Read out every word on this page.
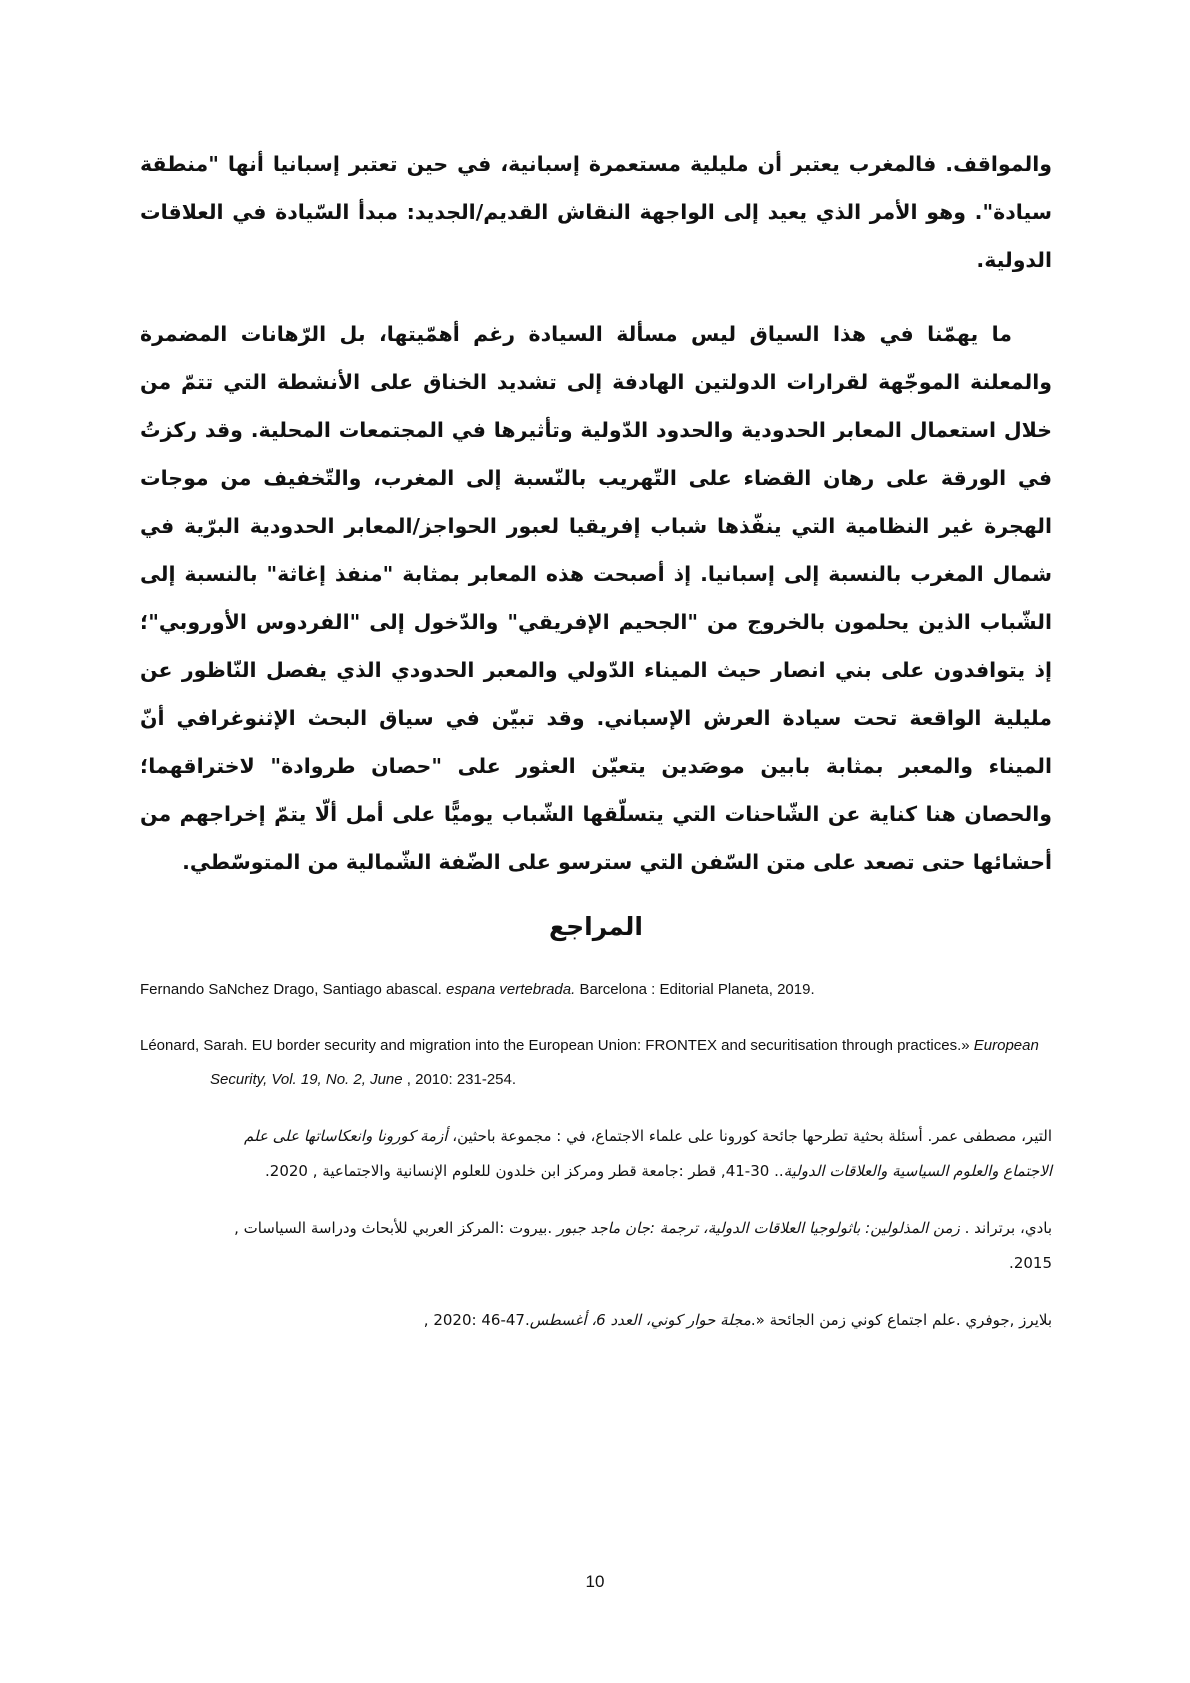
والمواقف. فالمغرب يعتبر أن مليلية مستعمرة إسبانية، في حين تعتبر إسبانيا أنها "منطقة سيادة". وهو الأمر الذي يعيد إلى الواجهة النقاش القديم/الجديد: مبدأ السّيادة في العلاقات الدولية.

ما يهمّنا في هذا السياق ليس مسألة السيادة رغم أهمّيتها، بل الرّهانات المضمرة والمعلنة الموجّهة لقرارات الدولتين الهادفة إلى تشديد الخناق على الأنشطة التي تتمّ من خلال استعمال المعابر الحدودية والحدود الدّولية وتأثيرها في المجتمعات المحلية. وقد ركزتُ في الورقة على رهان القضاء على التّهريب بالنّسبة إلى المغرب، والتّخفيف من موجات الهجرة غير النظامية التي ينفّذها شباب إفريقيا لعبور الحواجز/المعابر الحدودية البرّية في شمال المغرب بالنسبة إلى إسبانيا. إذ أصبحت هذه المعابر بمثابة "منفذ إغاثة" بالنسبة إلى الشّباب الذين يحلمون بالخروج من "الجحيم الإفريقي" والدّخول إلى "الفردوس الأوروبي"؛ إذ يتوافدون على بني انصار حيث الميناء الدّولي والمعبر الحدودي الذي يفصل النّاظور عن مليلية الواقعة تحت سيادة العرش الإسباني. وقد تبيّن في سياق البحث الإثنوغرافي أنّ الميناء والمعبر بمثابة بابين موصَدين يتعيّن العثور على "حصان طروادة" لاختراقهما؛ والحصان هنا كناية عن الشّاحنات التي يتسلّقها الشّباب يوميًّا على أمل ألّا يتمّ إخراجهم من أحشائها حتى تصعد على متن السّفن التي سترسو على الضّفة الشّمالية من المتوسّطي.

المراجع

Fernando SaNchez Drago, Santiago abascal. espana vertebrada. Barcelona : Editorial Planeta, 2019.

Léonard, Sarah. EU border security and migration into the European Union: FRONTEX and securitisation through practices.» European Security, Vol. 19, No. 2, June , 2010: 231-254.

التير، مصطفى عمر. أسئلة بحثية تطرحها جائحة كورونا على علماء الاجتماع، في : مجموعة باحثين، أزمة كورونا وانعكاساتها على علم الاجتماع والعلوم السياسية والعلاقات الدولية.. 30-41, قطر :جامعة قطر ومركز ابن خلدون للعلوم الإنسانية والاجتماعية , 2020.

بادي، برتراند . زمن المذلولين: باثولوجيا العلاقات الدولية، ترجمة :جان ماجد جبور .بيروت :المركز العربي للأبحاث ودراسة السياسات , 2015.

بلايرز ,جوفري .علم اجتماع كوني زمن الجائحة «.مجلة حوار كوني، العدد 6، أغسطس.47-46 :2020 ,

10
